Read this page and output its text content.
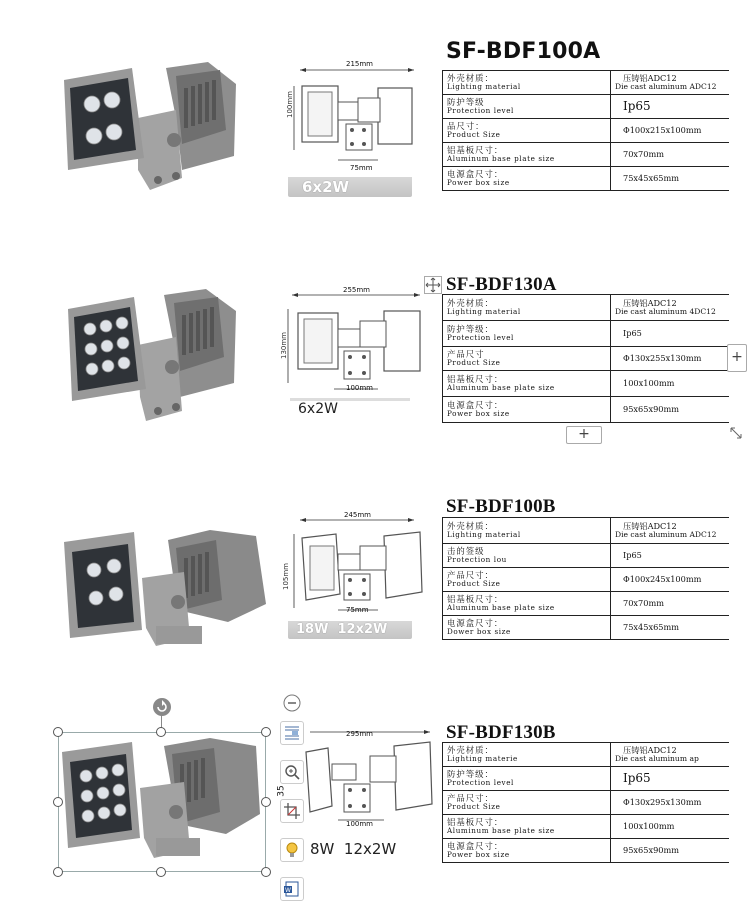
100mm
215mm
75mm
6x2W
SF-BDF100A
外壳材质：
Lighting material	压铸铝ADC12
Die cast aluminum ADC12

防护等级
Protection level	Ip65

品尺寸：
Product Size	Φ100x215x100mm

铝基板尺寸：
Aluminum base plate size	70x70mm

电源盒尺寸：
Power box size	75x45x65mm
130mm
255mm
100mm
6x2W
SF-BDF130A
外壳材质：
Lighting material	压铸铝ADC12
Die cast aluminum 4DC12

防护等级：
Protection level	Ip65

产品尺寸
Product Size	Φ130x255x130mm

铝基板尺寸：
Aluminum base plate size	100x100mm

电源盒尺寸：
Power box size	95x65x90mm
+
+
105mm
245mm
75mm
18W  12x2W
SF-BDF100B
外壳材质：
Lighting material	压铸铝ADC12
Die cast aluminum ADC12

击的签级
Protection lou	Ip65

产品尺寸：
Product Size	Φ100x245x100mm

铝基板尺寸：
Aluminum base plate size	70x70mm

电源盒尺寸：
Dower box size	75x45x65mm
W
295mm
35
100mm
8W  12x2W
SF-BDF130B
外壳材质：
Lighting materie	压铸铝ADC12
Die cast aluminum ap

防护等级：
Protection level	Ip65

产品尺寸：
Product Size	Φ130x295x130mm

铝基板尺寸：
Aluminum base plate size	100x100mm

电源盒尺寸：
Power box size	95x65x90mm
